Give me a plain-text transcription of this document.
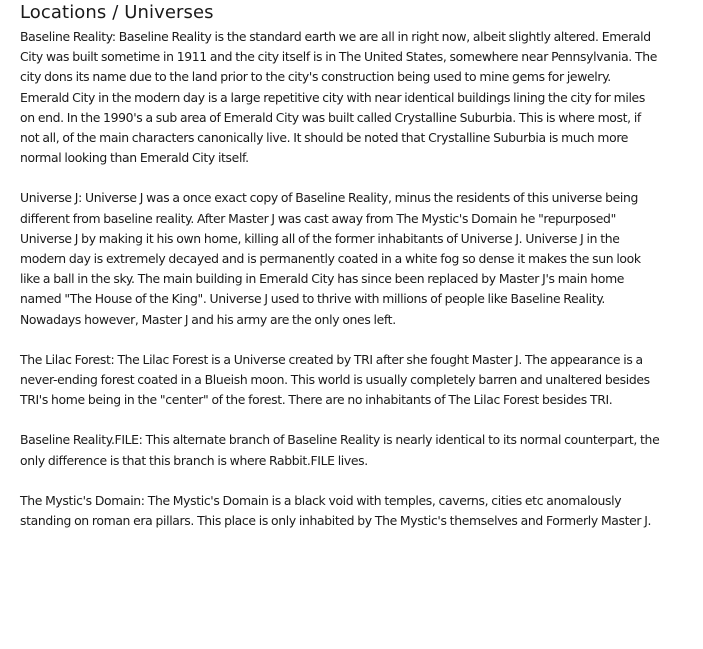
Locations / Universes

Baseline Reality: Baseline Reality is the standard earth we are all in right now, albeit slightly altered. Emerald City was built sometime in 1911 and the city itself is in The United States, somewhere near Pennsylvania. The city dons its name due to the land prior to the city's construction being used to mine gems for jewelry. Emerald City in the modern day is a large repetitive city with near identical buildings lining the city for miles on end. In the 1990's a sub area of Emerald City was built called Crystalline Suburbia. This is where most, if not all, of the main characters canonically live. It should be noted that Crystalline Suburbia is much more normal looking than Emerald City itself.

Universe J: Universe J was a once exact copy of Baseline Reality, minus the residents of this universe being different from baseline reality. After Master J was cast away from The Mystic's Domain he "repurposed" Universe J by making it his own home, killing all of the former inhabitants of Universe J. Universe J in the modern day is extremely decayed and is permanently coated in a white fog so dense it makes the sun look like a ball in the sky. The main building in Emerald City has since been replaced by Master J's main home named "The House of the King". Universe J used to thrive with millions of people like Baseline Reality. Nowadays however, Master J and his army are the only ones left.

The Lilac Forest: The Lilac Forest is a Universe created by TRI after she fought Master J. The appearance is a never-ending forest coated in a Blueish moon. This world is usually completely barren and unaltered besides TRI's home being in the "center" of the forest. There are no inhabitants of The Lilac Forest besides TRI.

Baseline Reality.FILE: This alternate branch of Baseline Reality is nearly identical to its normal counterpart, the only difference is that this branch is where Rabbit.FILE lives.

The Mystic's Domain: The Mystic's Domain is a black void with temples, caverns, cities etc anomalously standing on roman era pillars. This place is only inhabited by The Mystic's themselves and Formerly Master J.
